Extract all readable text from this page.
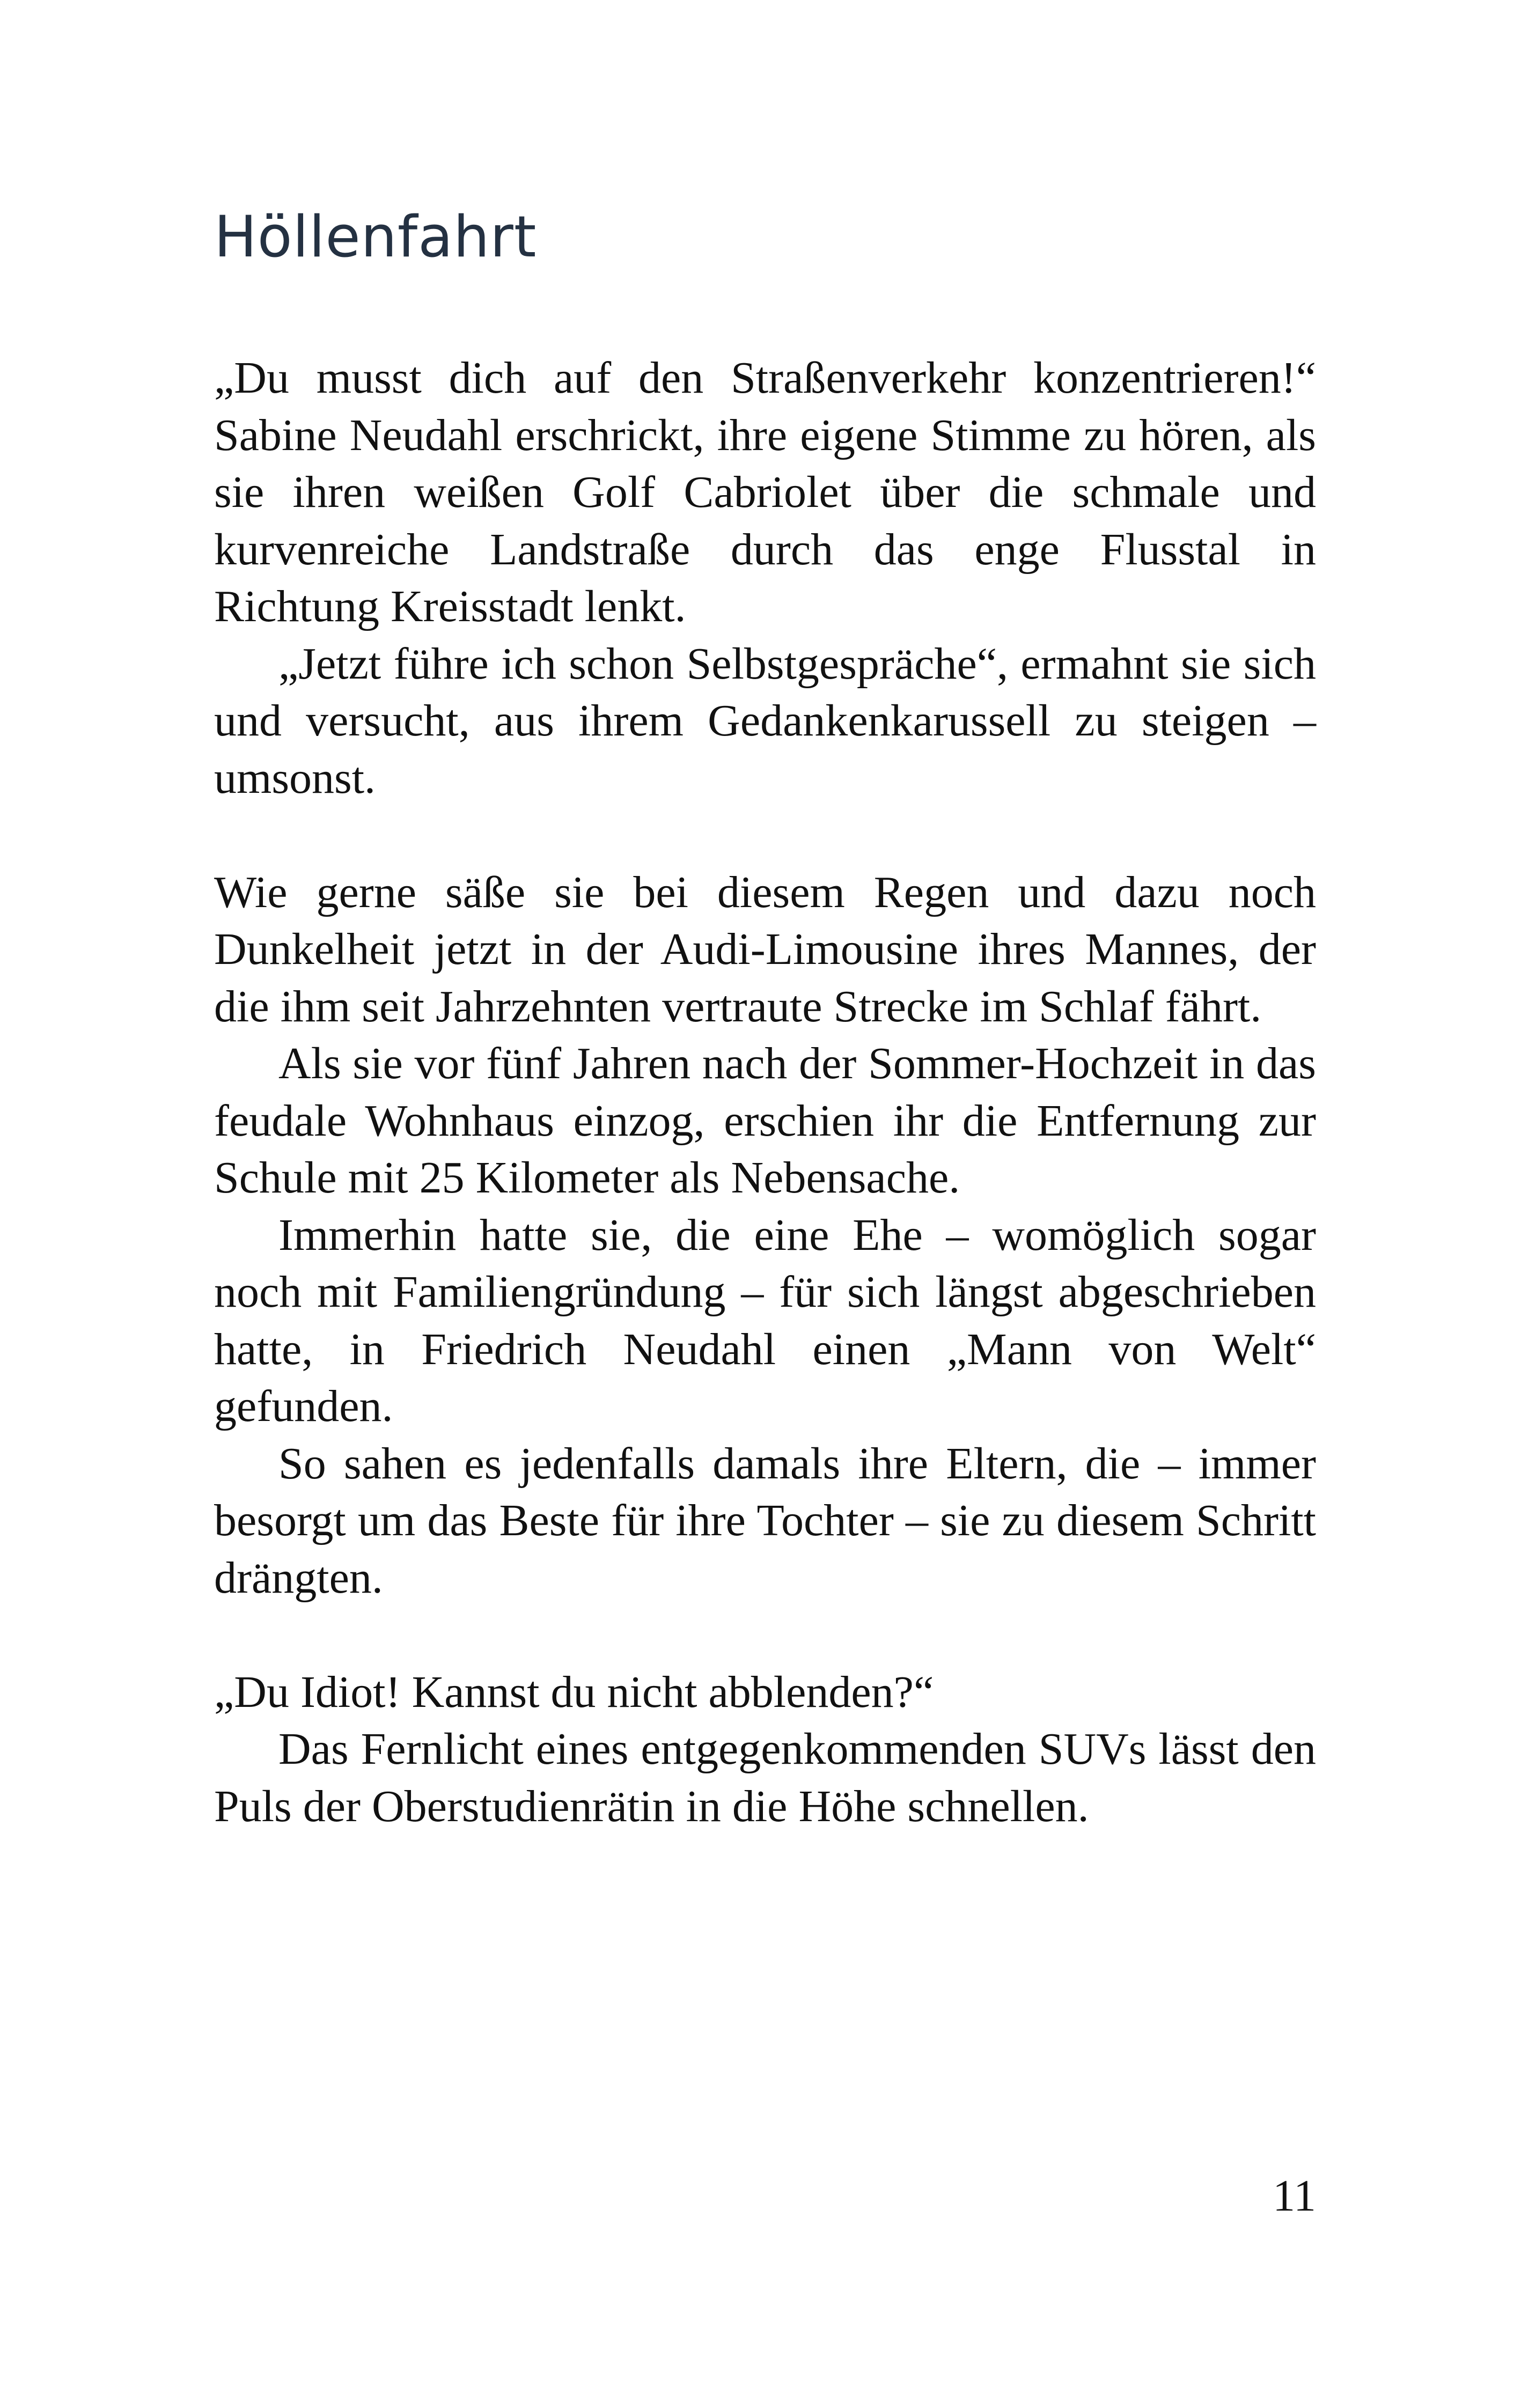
Höllenfahrt

„Du musst dich auf den Straßenverkehr konzentrieren!“ Sabine Neudahl erschrickt, ihre eigene Stimme zu hören, als sie ihren weißen Golf Cabriolet über die schmale und kurvenreiche Landstraße durch das enge Flusstal in Richtung Kreisstadt lenkt.

„Jetzt führe ich schon Selbstgespräche“, ermahnt sie sich und versucht, aus ihrem Gedankenkarussell zu steigen – umsonst.

Wie gerne säße sie bei diesem Regen und dazu noch Dunkelheit jetzt in der Audi-Limousine ihres Mannes, der die ihm seit Jahrzehnten vertraute Strecke im Schlaf fährt.

Als sie vor fünf Jahren nach der Sommer-Hochzeit in das feudale Wohnhaus einzog, erschien ihr die Entfernung zur Schule mit 25 Kilometer als Nebensache.

Immerhin hatte sie, die eine Ehe – womöglich sogar noch mit Familiengründung – für sich längst abgeschrieben hatte, in Friedrich Neudahl einen „Mann von Welt“ gefunden.

So sahen es jedenfalls damals ihre Eltern, die – immer besorgt um das Beste für ihre Tochter – sie zu diesem Schritt drängten.

„Du Idiot! Kannst du nicht abblenden?“

Das Fernlicht eines entgegenkommenden SUVs lässt den Puls der Oberstudienrätin in die Höhe schnellen.

11
